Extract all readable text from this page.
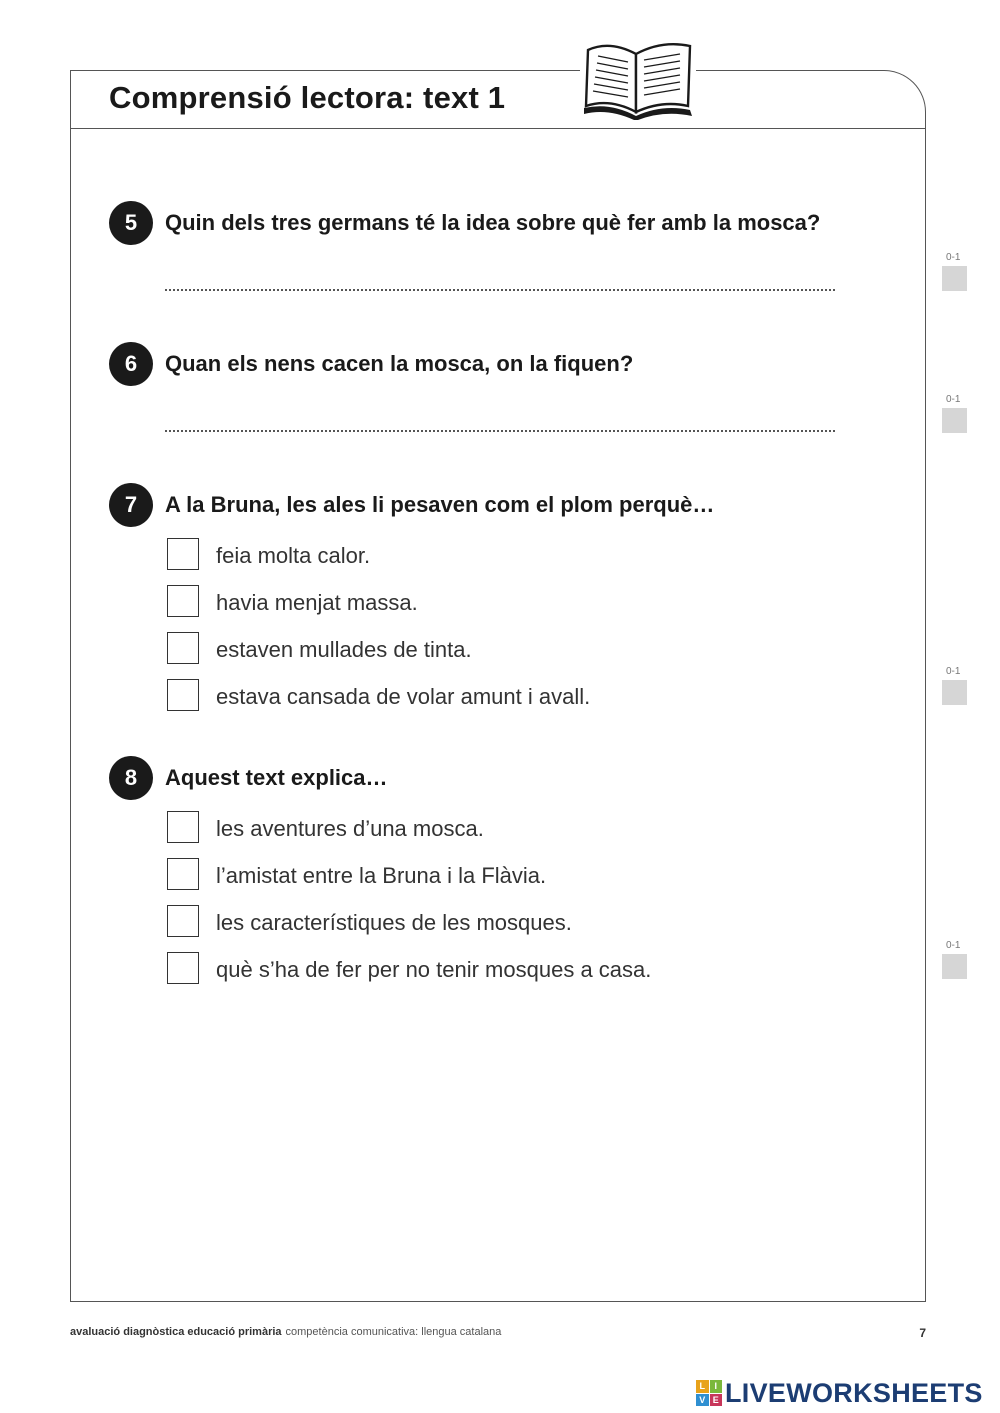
Comprensió lectora: text 1
5	Quin dels tres germans té la idea sobre què fer amb la mosca?
6	Quan els nens cacen la mosca, on la fiquen?
7	A la Bruna, les ales li pesaven com el plom perquè…
feia molta calor.
havia menjat massa.
estaven mullades de tinta.
estava cansada de volar amunt i avall.
8	Aquest text explica…
les aventures d’una mosca.
l’amistat entre la Bruna i la Flàvia.
les característiques de les mosques.
què s’ha de fer per no tenir mosques a casa.
0-1
0-1
0-1
0-1
avaluació diagnòstica educació primària competència comunicativa: llengua catalana	7
L	I
V E LIVEWORKSHEETS
